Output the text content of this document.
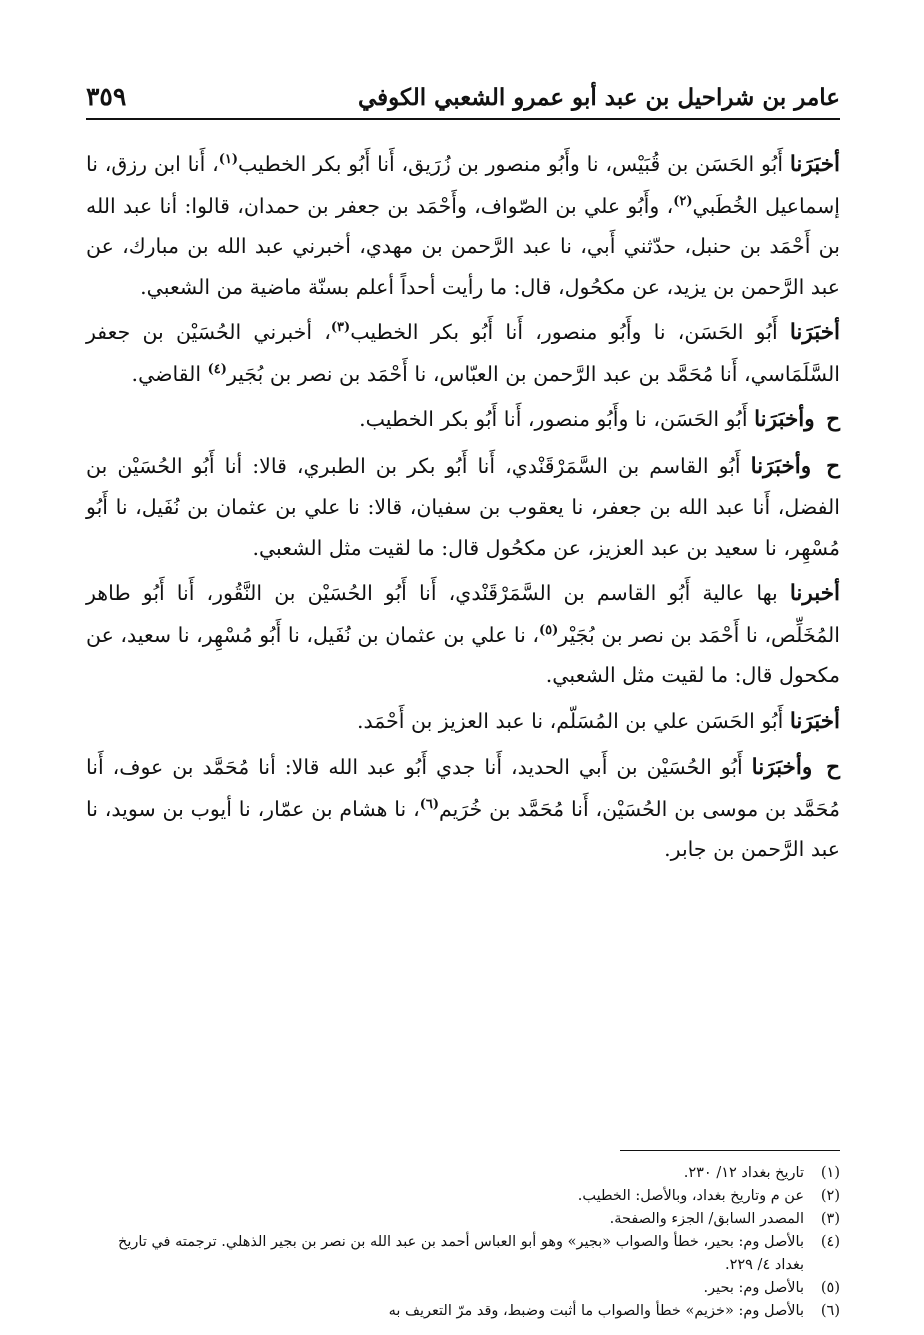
عامر بن شراحيل بن عبد أبو عمرو الشعبي الكوفي
٣٥٩

أخبَرَنا أَبُو الحَسَن بن قُبَيْس، نا وأَبُو منصور بن زُرَيق، أَنا أَبُو بكر الخطيب$^{(١)}$، أَنا ابن رزق، نا إسماعيل الخُطَبي$^{(٢)}$، وأَبُو علي بن الصّواف، وأَحْمَد بن جعفر بن حمدان، قالوا: أنا عبد الله بن أَحْمَد بن حنبل، حدّثني أَبي، نا عبد الرَّحمن بن مهدي، أخبرني عبد الله بن مبارك، عن عبد الرَّحمن بن يزيد، عن مكحُول، قال: ما رأيت أحداً أعلم بسنّة ماضية من الشعبي.

أخبَرَنا أَبُو الحَسَن، نا وأَبُو منصور، أَنا أَبُو بكر الخطيب$^{(٣)}$، أخبرني الحُسَيْن بن جعفر السَّلَمَاسي، أَنا مُحَمَّد بن عبد الرَّحمن بن العبّاس، نا أَحْمَد بن نصر بن بُجَير$^{(٤)}$ القاضي.

ح وأخبَرَنا أَبُو الحَسَن، نا وأَبُو منصور، أَنا أَبُو بكر الخطيب.

ح وأخبَرَنا أَبُو القاسم بن السَّمَرْقَنْدي، أَنا أَبُو بكر بن الطبري، قالا: أنا أَبُو الحُسَيْن بن الفضل، أَنا عبد الله بن جعفر، نا يعقوب بن سفيان، قالا: نا علي بن عثمان بن نُفَيل، نا أَبُو مُسْهِر، نا سعيد بن عبد العزيز، عن مكحُول قال: ما لقيت مثل الشعبي.

أخبرنا بها عالية أَبُو القاسم بن السَّمَرْقَنْدي، أَنا أَبُو الحُسَيْن بن النَّقُور، أَنا أَبُو طاهر المُخَلِّص، نا أَحْمَد بن نصر بن بُجَيْر$^{(٥)}$، نا علي بن عثمان بن نُفَيل، نا أَبُو مُسْهِر، نا سعيد، عن مكحول قال: ما لقيت مثل الشعبي.

أخبَرَنا أَبُو الحَسَن علي بن المُسَلّم، نا عبد العزيز بن أَحْمَد.

ح وأخبَرَنا أَبُو الحُسَيْن بن أَبي الحديد، أَنا جدي أَبُو عبد الله قالا: أنا مُحَمَّد بن عوف، أَنا مُحَمَّد بن موسى بن الحُسَيْن، أَنا مُحَمَّد بن خُرَيم$^{(٦)}$، نا هشام بن عمّار، نا أيوب بن سويد، نا عبد الرَّحمن بن جابر.

(١)
تاريخ بغداد ١٢/ ٢٣٠.
(٢)
عن م وتاريخ بغداد، وبالأصل: الخطيب.
(٣)
المصدر السابق/ الجزء والصفحة.
(٤)
بالأصل وم: بحير، خطأ والصواب «بجير» وهو أبو العباس أحمد بن عبد الله بن نصر بن بجير الذهلي. ترجمته في تاريخ بغداد ٤/ ٢٢٩.
(٥)
بالأصل وم: بحير.
(٦)
بالأصل وم: «خزيم» خطأ والصواب ما أثبت وضبط، وقد مرّ التعريف به
